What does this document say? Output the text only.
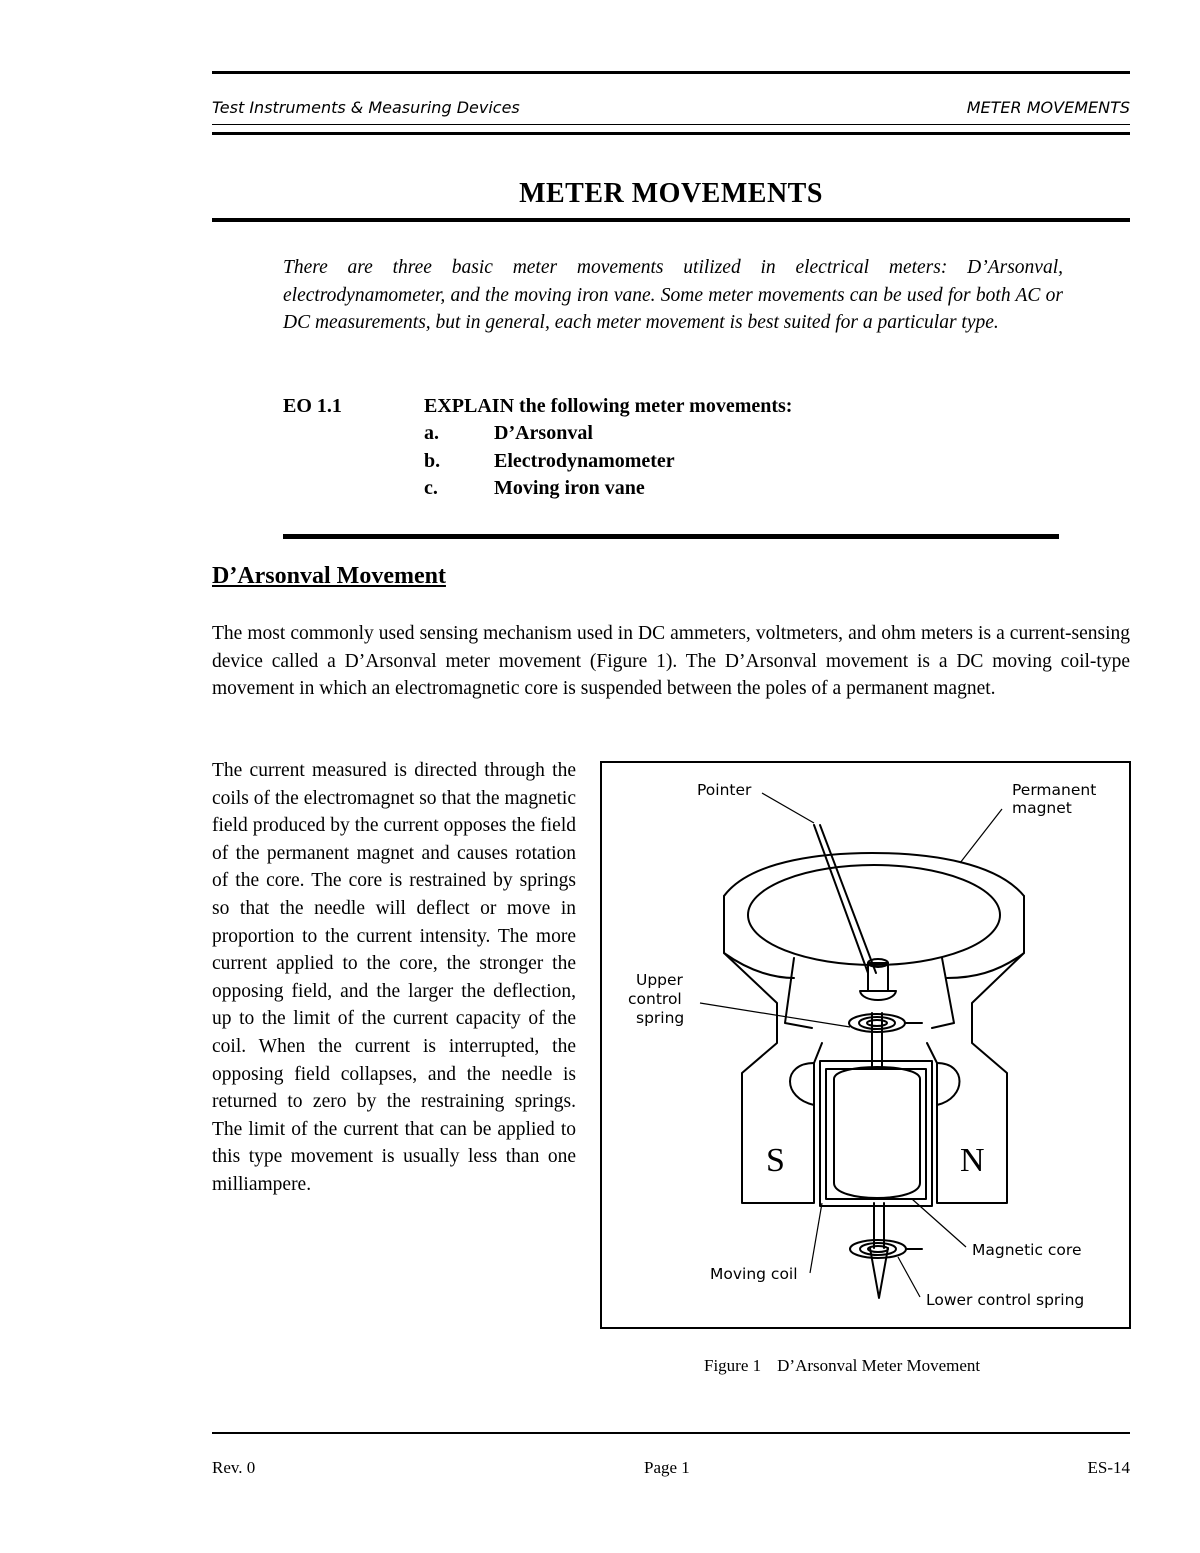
Test Instruments & Measuring Devices	METER MOVEMENTS
METER MOVEMENTS
There are three basic meter movements utilized in electrical meters: D’Arsonval, electrodynamometer, and the moving iron vane. Some meter movements can be used for both AC or DC measurements, but in general, each meter movement is best suited for a particular type.
EO 1.1	EXPLAIN the following meter movements:
a.	D’Arsonval
b.	Electrodynamometer
c.	Moving iron vane
D’Arsonval Movement
The most commonly used sensing mechanism used in DC ammeters, voltmeters, and ohm meters is a current-sensing device called a D’Arsonval meter movement (Figure 1). The D’Arsonval movement is a DC moving coil-type movement in which an electromagnetic core is suspended between the poles of a permanent magnet.
The current measured is directed through the coils of the electromagnet so that the magnetic field produced by the current opposes the field of the permanent magnet and causes rotation of the core. The core is restrained by springs so that the needle will deflect or move in proportion to the current intensity. The more current applied to the core, the stronger the opposing field, and the larger the deflection, up to the limit of the current capacity of the coil. When the current is interrupted, the opposing field collapses, and the needle is returned to zero by the restraining springs. The limit of the current that can be applied to this type movement is usually less than one milliampere.
S	N
Pointer	Permanent
magnet
Upper
control
spring
Magnetic core
Moving coil
Lower control spring
Figure 1 D’Arsonval Meter Movement
Rev. 0	Page 1	ES-14
